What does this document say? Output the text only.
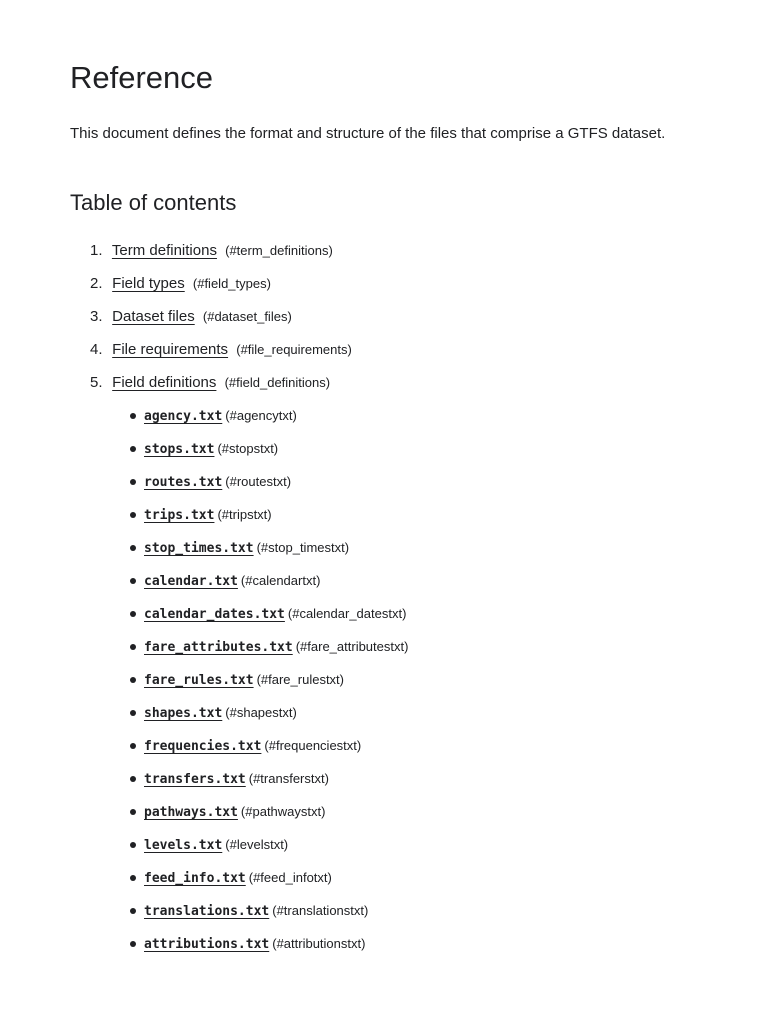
Reference

This document defines the format and structure of the files that comprise a GTFS dataset.

Table of contents
1. Term definitions (#term_definitions)
2. Field types (#field_types)
3. Dataset files (#dataset_files)
4. File requirements (#file_requirements)
5. Field definitions (#field_definitions)
agency.txt (#agencytxt)
stops.txt (#stopstxt)
routes.txt (#routestxt)
trips.txt (#tripstxt)
stop_times.txt (#stop_timestxt)
calendar.txt (#calendartxt)
calendar_dates.txt (#calendar_datestxt)
fare_attributes.txt (#fare_attributestxt)
fare_rules.txt (#fare_rulestxt)
shapes.txt (#shapestxt)
frequencies.txt (#frequenciestxt)
transfers.txt (#transferstxt)
pathways.txt (#pathwaystxt)
levels.txt (#levelstxt)
feed_info.txt (#feed_infotxt)
translations.txt (#translationstxt)
attributions.txt (#attributionstxt)
